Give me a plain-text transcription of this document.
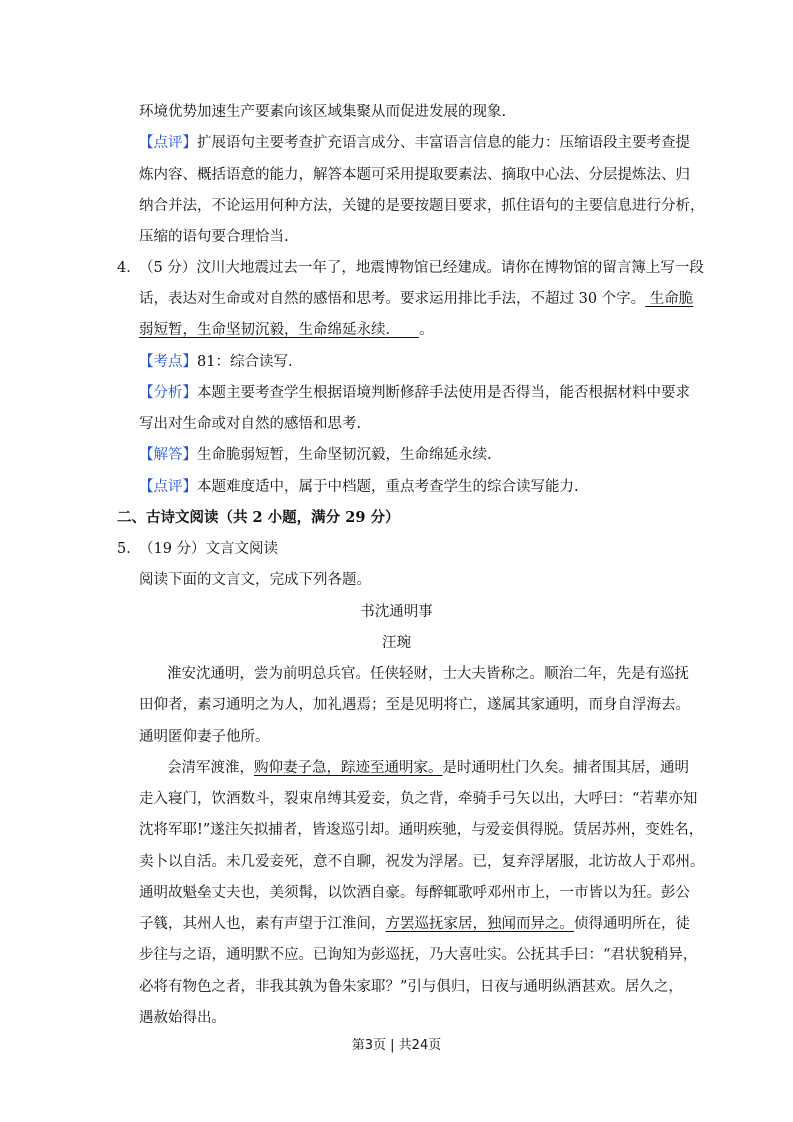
环境优势加速生产要素向该区域集聚从而促进发展的现象.
【点评】扩展语句主要考查扩充语言成分、丰富语言信息的能力：压缩语段主要考查提
炼内容、概括语意的能力，解答本题可采用提取要素法、摘取中心法、分层提炼法、归
纳合并法，不论运用何种方法，关键的是要按题目要求，抓住语句的主要信息进行分析，
压缩的语句要合理恰当.
4．
（5 分）汶川大地震过去一年了，地震博物馆已经建成。请你在博物馆的留言簿上写一段
话，表达对生命或对自然的感悟和思考。要求运用排比手法，不超过 30 个字。 生命脆
弱短暂，生命坚韧沉毅，生命绵延永续.   。
【考点】81：综合读写.
【分析】本题主要考查学生根据语境判断修辞手法使用是否得当，能否根据材料中要求
写出对生命或对自然的感悟和思考.
【解答】生命脆弱短暂，生命坚韧沉毅，生命绵延永续.
【点评】本题难度适中，属于中档题，重点考查学生的综合读写能力.
二、古诗文阅读（共 2 小题，满分 29 分）
5．
（19 分）文言文阅读
阅读下面的文言文，完成下列各题。
书沈通明事
汪琬
淮安沈通明，尝为前明总兵官。任侠轻财，士大夫皆称之。顺治二年，先是有巡抚
田仰者，素习通明之为人，加礼遇焉；至是见明将亡，遂属其家通明，而身自浮海去。
通明匿仰妻子他所。
会清军渡淮，购仰妻子急，踪迹至通明家。是时通明杜门久矣。捕者围其居，通明
走入寝门，饮酒数斗，裂束帛缚其爱妾，负之背，牵骑手弓矢以出，大呼曰：“若辈亦知
沈将军耶!”遂注矢拟捕者，皆逡巡引却。通明疾驰，与爱妾俱得脱。赁居苏州，变姓名，
卖卜以自活。未几爱妾死，意不自聊，祝发为浮屠。已，复弃浮屠服，北访故人于邓州。
通明故魁垒丈夫也，美须髯，以饮酒自豪。每醉辄歌呼邓州市上，一市皆以为狂。彭公
子篯，其州人也，素有声望于江淮间，方罢巡抚家居，独闻而异之。侦得通明所在，徒
步往与之语，通明默不应。已询知为彭巡抚，乃大喜吐实。公抚其手曰：“君状貌稍异，
必将有物色之者，非我其孰为鲁朱家耶？”引与俱归，日夜与通明纵酒甚欢。居久之，
遇赦始得出。
第3页 | 共24页
